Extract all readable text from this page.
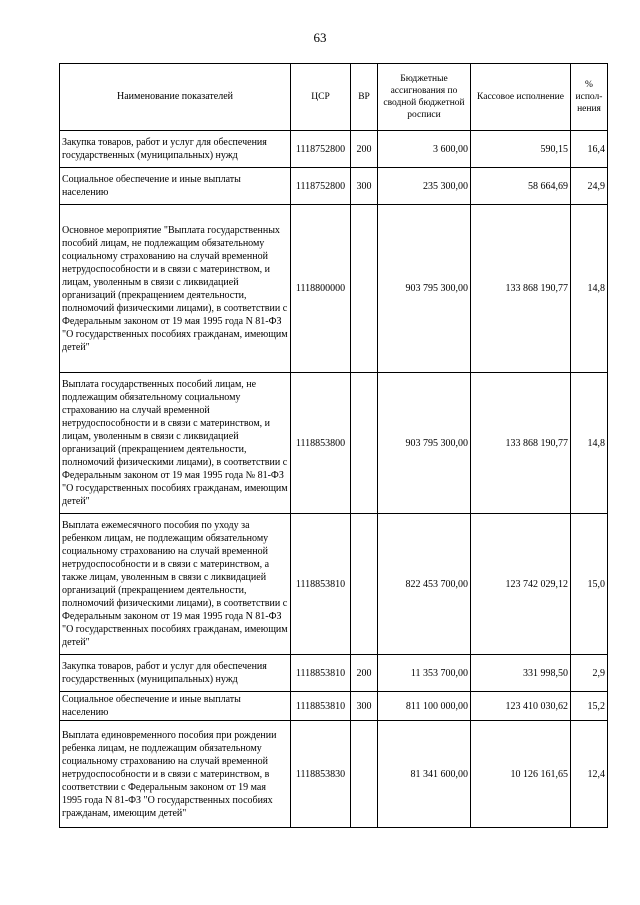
63
Наименование показателей	ЦСР	ВР	Бюджетные ассигнования по сводной бюджетной росписи	Кассовое исполнение	% испол-нения
Закупка товаров, работ и услуг для обеспечения государственных (муниципальных) нужд	1118752800	200	3 600,00	590,15	16,4
Социальное обеспечение и иные выплаты населению	1118752800	300	235 300,00	58 664,69	24,9
Основное мероприятие "Выплата государственных пособий лицам, не подлежащим обязательному социальному страхованию на случай временной нетрудоспособности и в связи с материнством, и лицам, уволенным в связи с ликвидацией организаций (прекращением деятельности, полномочий физическими лицами), в соответствии с Федеральным законом от 19 мая 1995 года N 81-ФЗ "О государственных пособиях гражданам, имеющим детей"	1118800000		903 795 300,00	133 868 190,77	14,8
Выплата государственных пособий лицам, не подлежащим обязательному социальному страхованию на случай временной нетрудоспособности и в связи с материнством, и лицам, уволенным в связи с ликвидацией организаций (прекращением деятельности, полномочий физическими лицами), в соответствии с Федеральным законом от 19 мая 1995 года № 81-ФЗ "О государственных пособиях гражданам, имеющим детей"	1118853800		903 795 300,00	133 868 190,77	14,8
Выплата ежемесячного пособия по уходу за ребенком лицам, не подлежащим обязательному социальному страхованию на случай временной нетрудоспособности и в связи с материнством, а также лицам, уволенным в связи с ликвидацией организаций (прекращением деятельности, полномочий физическими лицами), в соответствии с Федеральным законом от 19 мая 1995 года N 81-ФЗ "О государственных пособиях гражданам, имеющим детей"	1118853810		822 453 700,00	123 742 029,12	15,0
Закупка товаров, работ и услуг для обеспечения государственных (муниципальных) нужд	1118853810	200	11 353 700,00	331 998,50	2,9
Социальное обеспечение и иные выплаты населению	1118853810	300	811 100 000,00	123 410 030,62	15,2
Выплата единовременного пособия при рождении ребенка лицам, не подлежащим обязательному социальному страхованию на случай временной нетрудоспособности и в связи с материнством, в соответствии с Федеральным законом от 19 мая 1995 года N 81-ФЗ "О государственных пособиях гражданам, имеющим детей"	1118853830		81 341 600,00	10 126 161,65	12,4
